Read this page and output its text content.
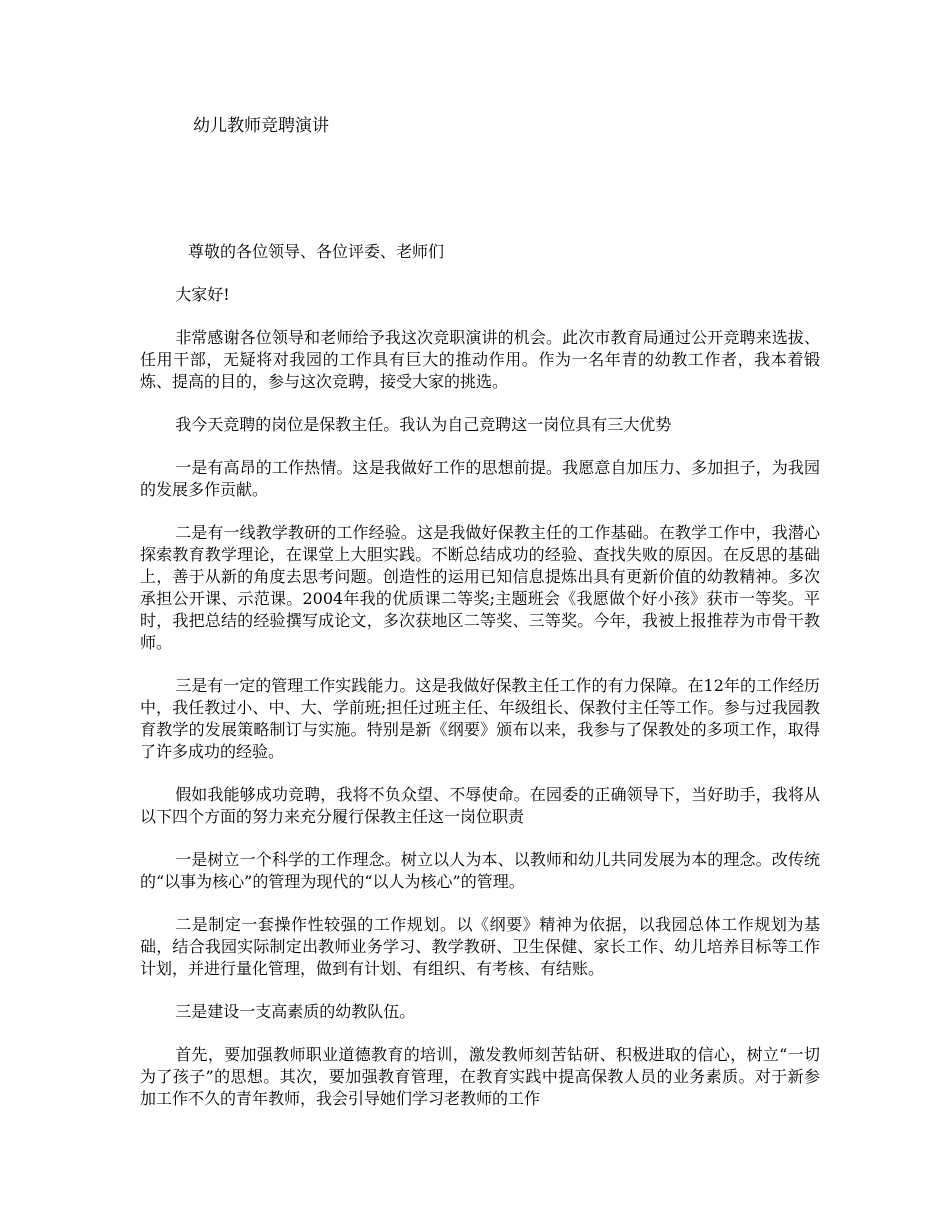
幼儿教师竞聘演讲

尊敬的各位领导、各位评委、老师们

大家好!

非常感谢各位领导和老师给予我这次竞职演讲的机会。此次市教育局通过公开竞聘来选拔、任用干部，无疑将对我园的工作具有巨大的推动作用。作为一名年青的幼教工作者，我本着锻炼、提高的目的，参与这次竞聘，接受大家的挑选。

我今天竞聘的岗位是保教主任。我认为自己竞聘这一岗位具有三大优势

一是有高昂的工作热情。这是我做好工作的思想前提。我愿意自加压力、多加担子，为我园的发展多作贡献。

二是有一线教学教研的工作经验。这是我做好保教主任的工作基础。在教学工作中，我潜心探索教育教学理论，在课堂上大胆实践。不断总结成功的经验、查找失败的原因。在反思的基础上，善于从新的角度去思考问题。创造性的运用已知信息提炼出具有更新价值的幼教精神。多次承担公开课、示范课。2004年我的优质课二等奖;主题班会《我愿做个好小孩》获市一等奖。平时，我把总结的经验撰写成论文，多次获地区二等奖、三等奖。今年，我被上报推荐为市骨干教师。

三是有一定的管理工作实践能力。这是我做好保教主任工作的有力保障。在12年的工作经历中，我任教过小、中、大、学前班;担任过班主任、年级组长、保教付主任等工作。参与过我园教育教学的发展策略制订与实施。特别是新《纲要》颁布以来，我参与了保教处的多项工作，取得了许多成功的经验。

假如我能够成功竞聘，我将不负众望、不辱使命。在园委的正确领导下，当好助手，我将从以下四个方面的努力来充分履行保教主任这一岗位职责

一是树立一个科学的工作理念。树立以人为本、以教师和幼儿共同发展为本的理念。改传统的“以事为核心”的管理为现代的“以人为核心”的管理。

二是制定一套操作性较强的工作规划。以《纲要》精神为依据，以我园总体工作规划为基础，结合我园实际制定出教师业务学习、教学教研、卫生保健、家长工作、幼儿培养目标等工作计划，并进行量化管理，做到有计划、有组织、有考核、有结账。

三是建设一支高素质的幼教队伍。

首先，要加强教师职业道德教育的培训，激发教师刻苦钻研、积极进取的信心，树立“一切为了孩子”的思想。其次，要加强教育管理，在教育实践中提高保教人员的业务素质。对于新参加工作不久的青年教师，我会引导她们学习老教师的工作
